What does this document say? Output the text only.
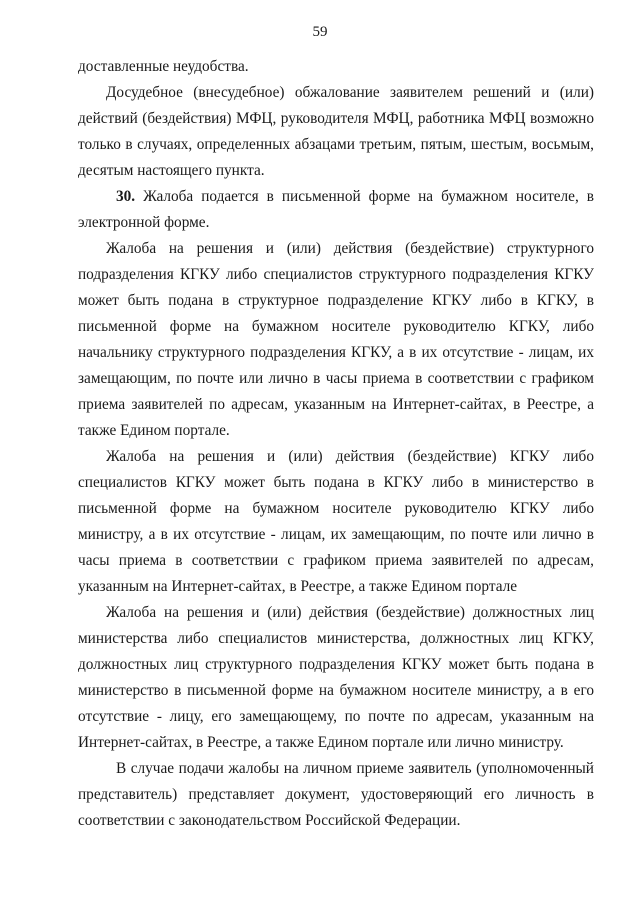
59

доставленные неудобства.

Досудебное (внесудебное) обжалование заявителем решений и (или) действий (бездействия) МФЦ, руководителя МФЦ, работника МФЦ возможно только в случаях, определенных абзацами третьим, пятым, шестым, восьмым, десятым настоящего пункта.

30. Жалоба подается в письменной форме на бумажном носителе, в электронной форме.

Жалоба на решения и (или) действия (бездействие) структурного подразделения КГКУ либо специалистов структурного подразделения КГКУ может быть подана в структурное подразделение КГКУ либо в КГКУ, в письменной форме на бумажном носителе руководителю КГКУ, либо начальнику структурного подразделения КГКУ, а в их отсутствие - лицам, их замещающим, по почте или лично в часы приема в соответствии с графиком приема заявителей по адресам, указанным на Интернет-сайтах, в Реестре, а также Едином портале.

Жалоба на решения и (или) действия (бездействие) КГКУ либо специалистов КГКУ может быть подана в КГКУ либо в министерство в письменной форме на бумажном носителе руководителю КГКУ либо министру, а в их отсутствие - лицам, их замещающим, по почте или лично в часы приема в соответствии с графиком приема заявителей по адресам, указанным на Интернет-сайтах, в Реестре, а также Едином портале

Жалоба на решения и (или) действия (бездействие) должностных лиц министерства либо специалистов министерства, должностных лиц КГКУ, должностных лиц структурного подразделения КГКУ может быть подана в министерство в письменной форме на бумажном носителе министру, а в его отсутствие - лицу, его замещающему, по почте по адресам, указанным на Интернет-сайтах, в Реестре, а также Едином портале или лично министру.

В случае подачи жалобы на личном приеме заявитель (уполномоченный представитель) представляет документ, удостоверяющий его личность в соответствии с законодательством Российской Федерации.
